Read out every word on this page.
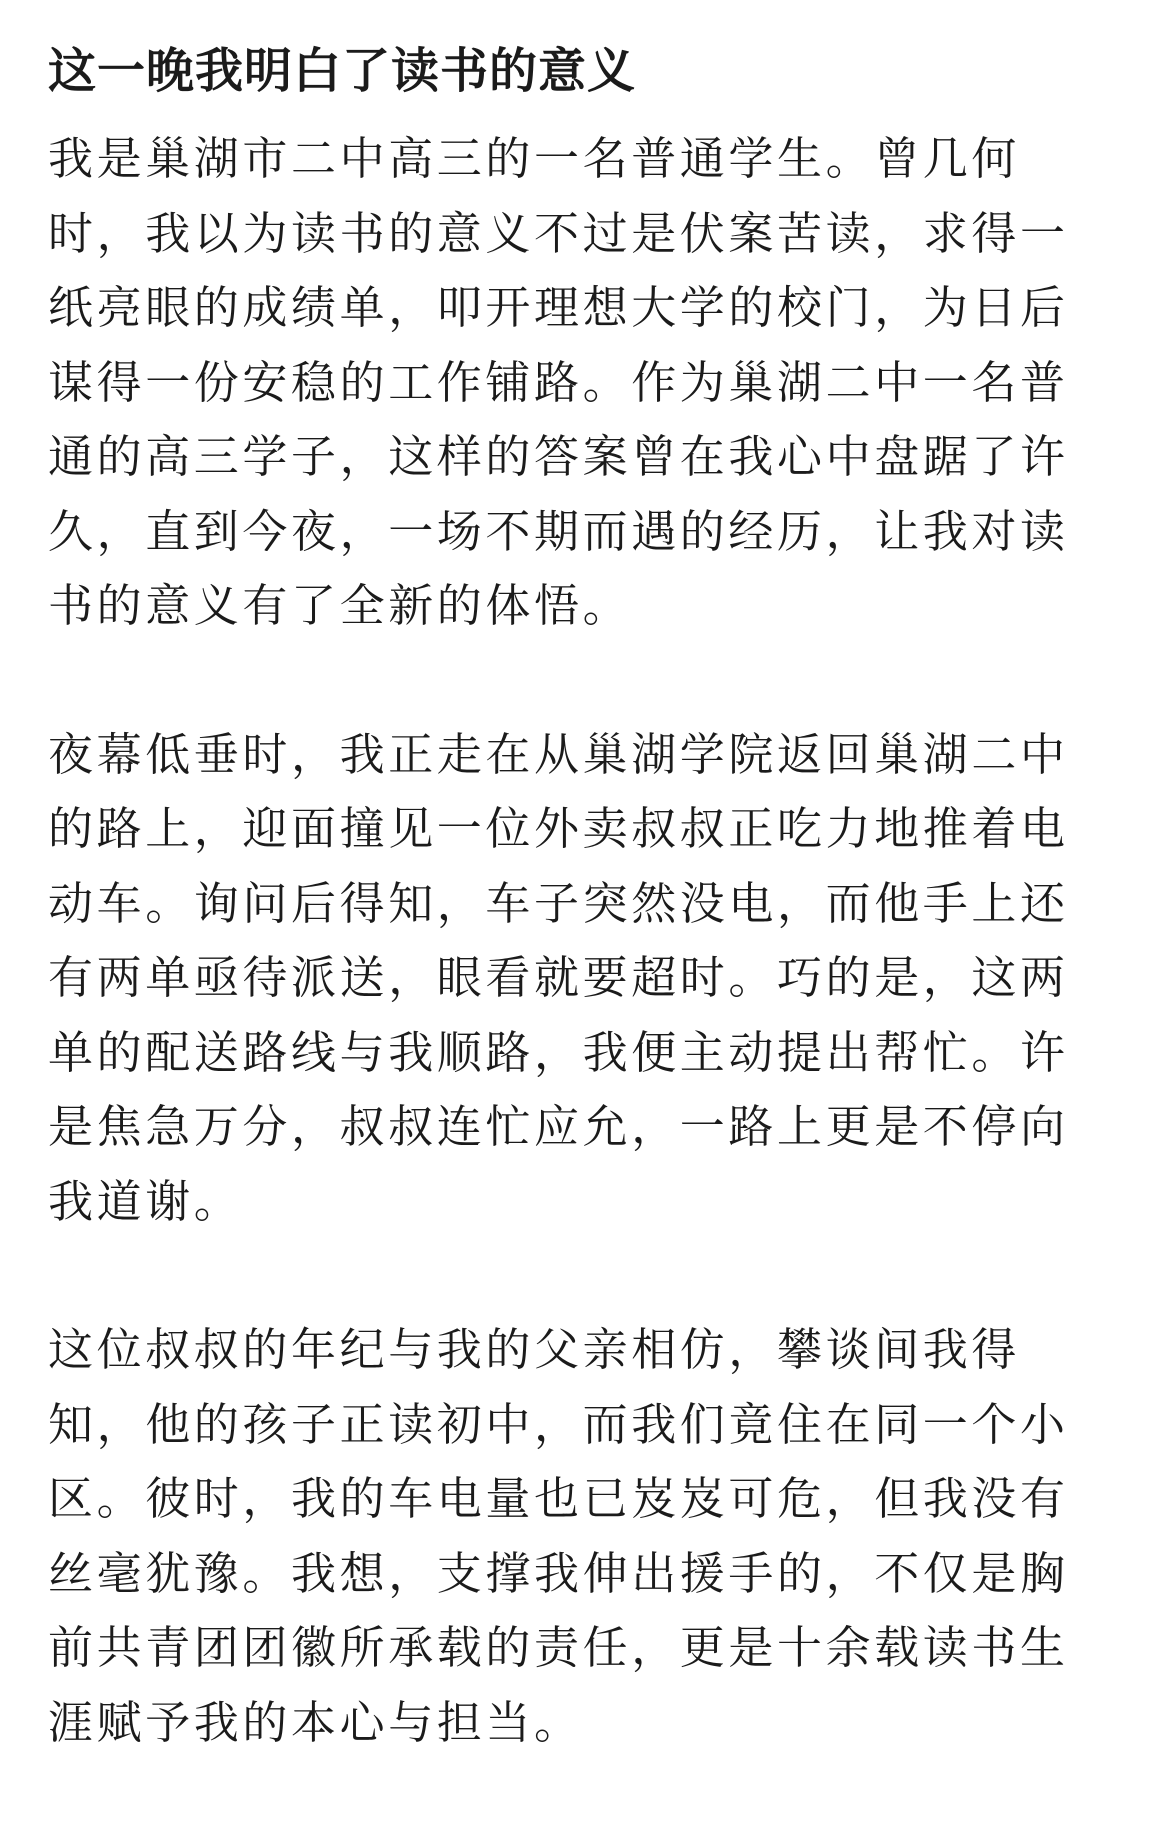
这一晚我明白了读书的意义
我是巢湖市二中高三的一名普通学生。曾几何
时，我以为读书的意义不过是伏案苦读，求得一
纸亮眼的成绩单，叩开理想大学的校门，为日后
谋得一份安稳的工作铺路。作为巢湖二中一名普
通的高三学子，这样的答案曾在我心中盘踞了许
久，直到今夜，一场不期而遇的经历，让我对读
书的意义有了全新的体悟。
夜幕低垂时，我正走在从巢湖学院返回巢湖二中
的路上，迎面撞见一位外卖叔叔正吃力地推着电
动车。询问后得知，车子突然没电，而他手上还
有两单亟待派送，眼看就要超时。巧的是，这两
单的配送路线与我顺路，我便主动提出帮忙。许
是焦急万分，叔叔连忙应允，一路上更是不停向
我道谢。
这位叔叔的年纪与我的父亲相仿，攀谈间我得
知，他的孩子正读初中，而我们竟住在同一个小
区。彼时，我的车电量也已岌岌可危，但我没有
丝毫犹豫。我想，支撑我伸出援手的，不仅是胸
前共青团团徽所承载的责任，更是十余载读书生
涯赋予我的本心与担当。
